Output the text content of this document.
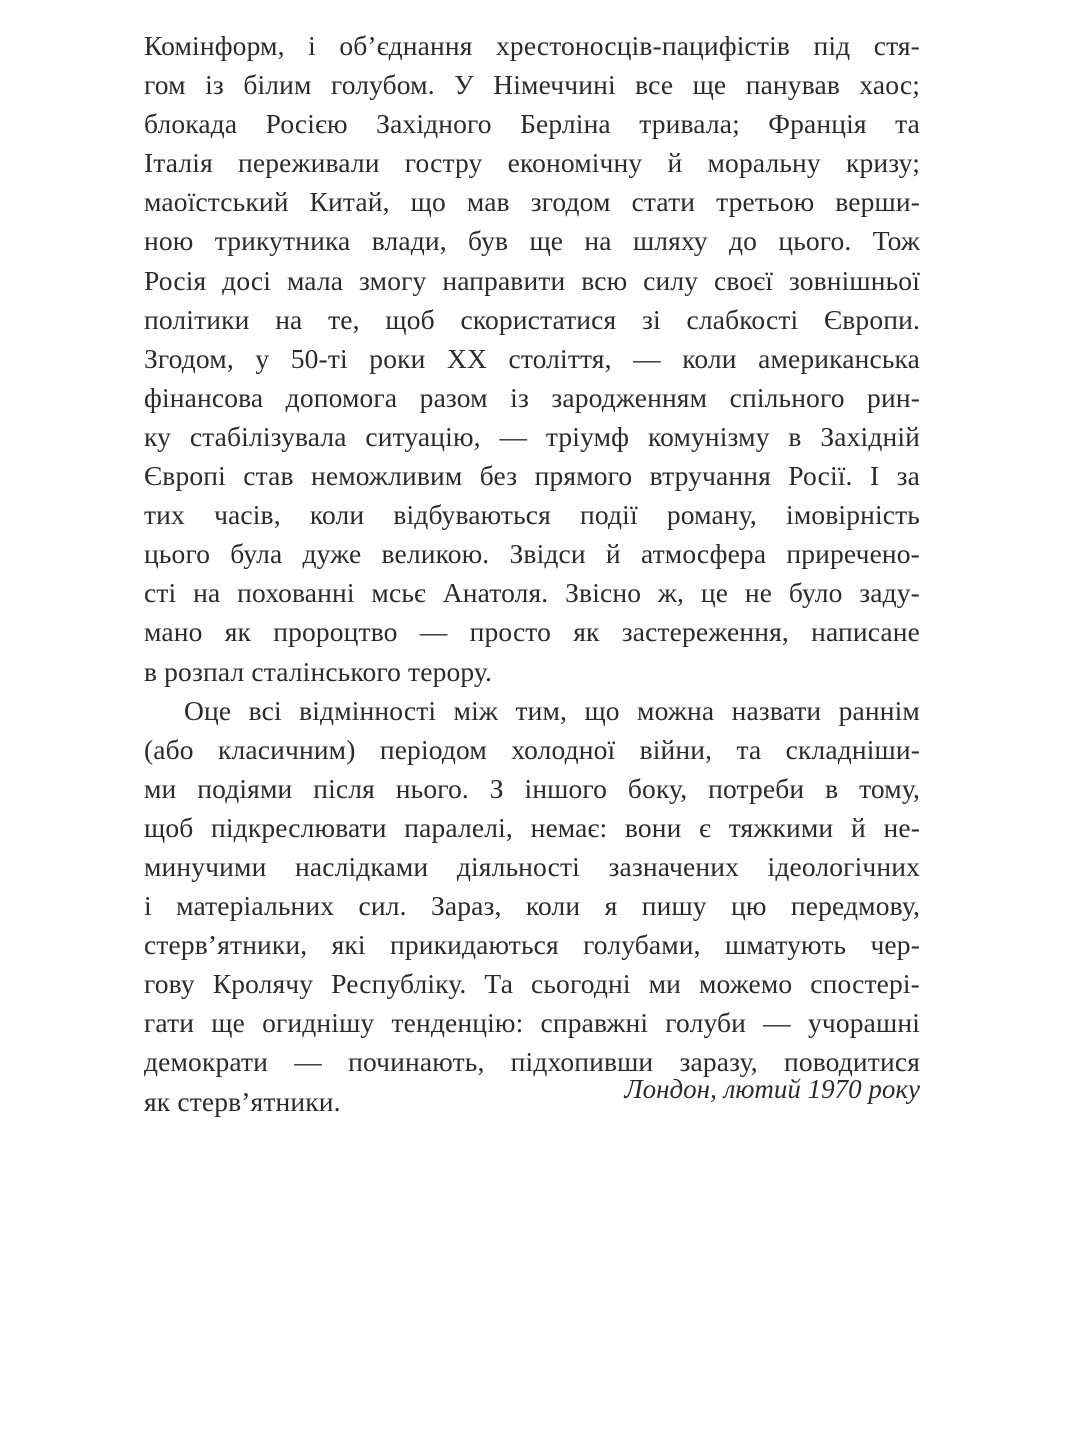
Комінформ, і об’єднання хрестоносців-пацифістів під стя-
гом із білим голубом. У Німеччині все ще панував хаос;
блокада Росією Західного Берліна тривала; Франція та
Італія переживали гостру економічну й моральну кризу;
маоїстський Китай, що мав згодом стати третьою верши-
ною трикутника влади, був ще на шляху до цього. Тож
Росія досі мала змогу направити всю силу своєї зовнішньої
політики на те, щоб скористатися зі слабкості Європи.
Згодом, у 50-ті роки XX століття, — коли американська
фінансова допомога разом із зародженням спільного рин-
ку стабілізувала ситуацію, — тріумф комунізму в Західній
Європі став неможливим без прямого втручання Росії. І за
тих часів, коли відбуваються події роману, імовірність
цього була дуже великою. Звідси й атмосфера приречено-
сті на похованні мсьє Анатоля. Звісно ж, це не було заду-
мано як пророцтво — просто як застереження, написане
в розпал сталінського терору.
Оце всі відмінності між тим, що можна назвати раннім
(або класичним) періодом холодної війни, та складніши-
ми подіями після нього. З іншого боку, потреби в тому,
щоб підкреслювати паралелі, немає: вони є тяжкими й не-
минучими наслідками діяльності зазначених ідеологічних
і матеріальних сил. Зараз, коли я пишу цю передмову,
стерв’ятники, які прикидаються голубами, шматують чер-
гову Кролячу Республіку. Та сьогодні ми можемо спостері-
гати ще огиднішу тенденцію: справжні голуби — учорашні
демократи — починають, підхопивши заразу, поводитися
як стерв’ятники.	Лондон, лютий 1970 року
